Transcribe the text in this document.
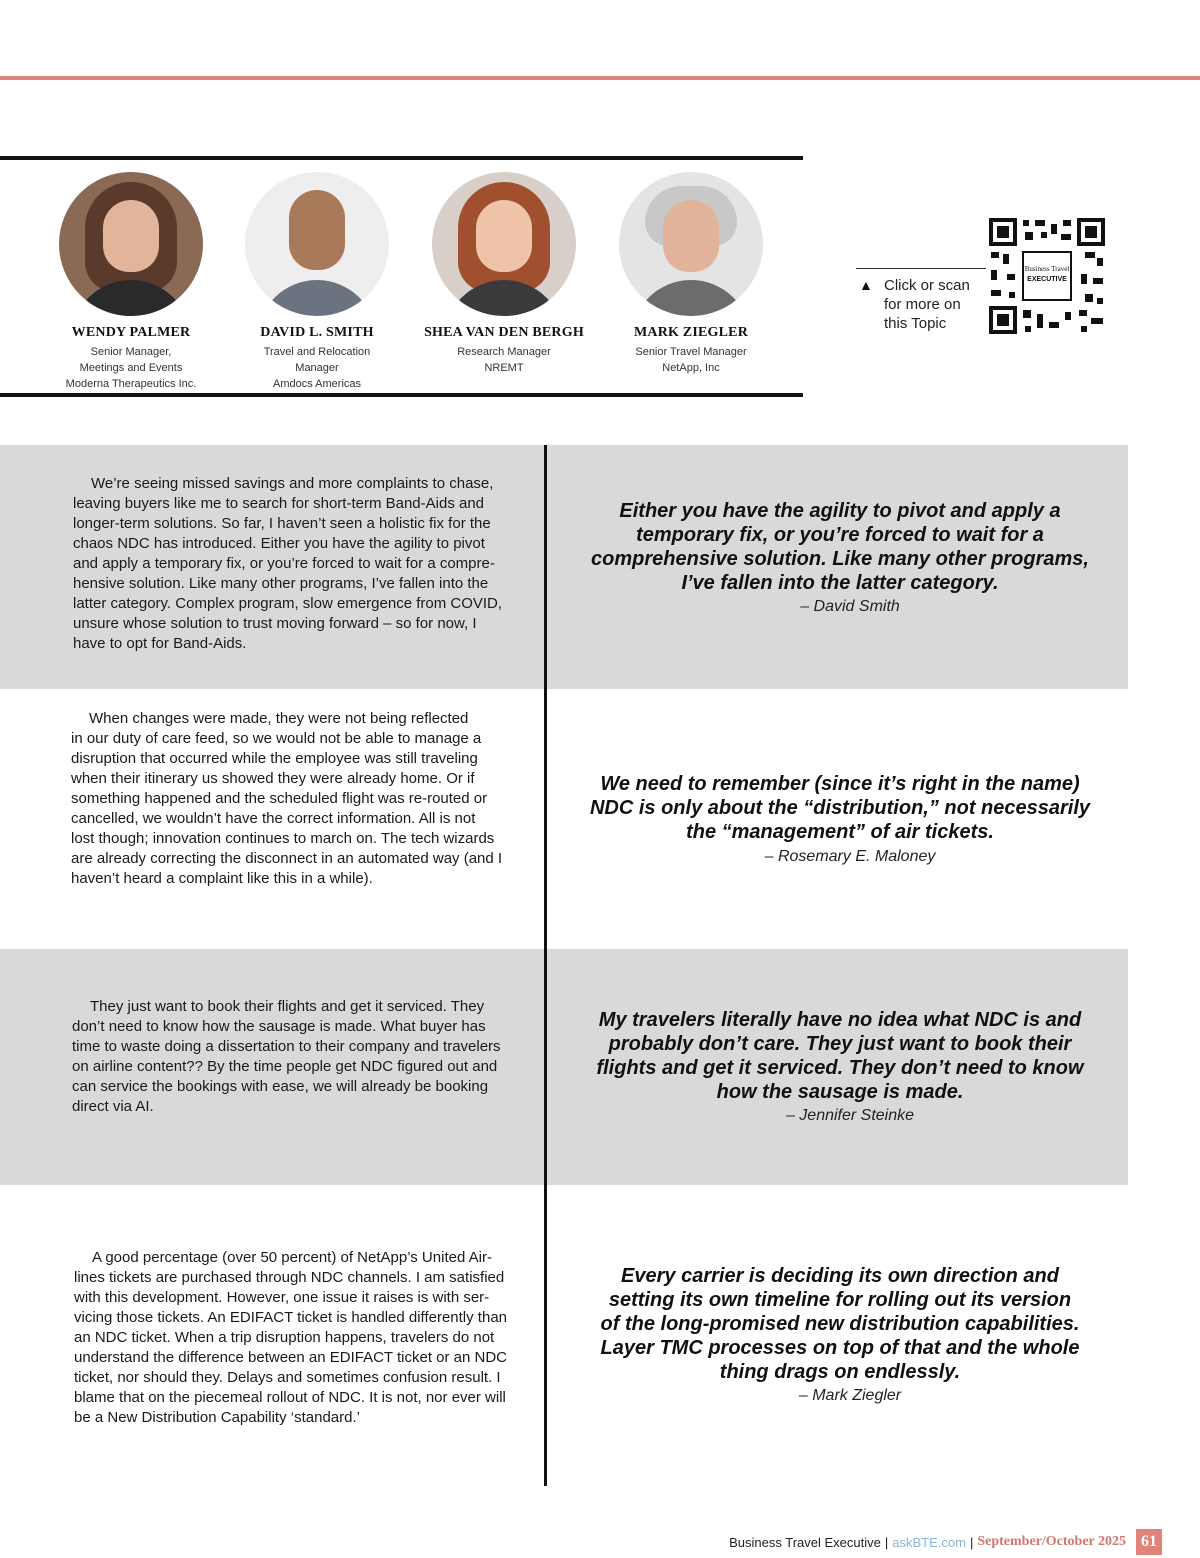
WENDY PALMER
Senior Manager,
Meetings and Events
Moderna Therapeutics Inc.
DAVID L. SMITH
Travel and Relocation
Manager
Amdocs Americas
SHEA VAN DEN BERGH
Research Manager
NREMT
MARK ZIEGLER
Senior Travel Manager
NetApp, Inc
▲ Click or scan
for more on
this Topic
Business Travel
EXECUTIVE
We’re seeing missed savings and more complaints to chase,
leaving buyers like me to search for short-term Band-Aids and
longer-term solutions. So far, I haven’t seen a holistic fix for the
chaos NDC has introduced. Either you have the agility to pivot
and apply a temporary fix, or you’re forced to wait for a compre-
hensive solution. Like many other programs, I’ve fallen into the
latter category. Complex program, slow emergence from COVID,
unsure whose solution to trust moving forward – so for now, I
have to opt for Band-Aids.
Either you have the agility to pivot and apply a
temporary fix, or you’re forced to wait for a
comprehensive solution. Like many other programs,
I’ve fallen into the latter category.
– David Smith
When changes were made, they were not being reflected
in our duty of care feed, so we would not be able to manage a
disruption that occurred while the employee was still traveling
when their itinerary us showed they were already home. Or if
something happened and the scheduled flight was re-routed or
cancelled, we wouldn’t have the correct information. All is not
lost though; innovation continues to march on. The tech wizards
are already correcting the disconnect in an automated way (and I
haven’t heard a complaint like this in a while).
We need to remember (since it’s right in the name)
NDC is only about the “distribution,” not necessarily
the “management” of air tickets.
– Rosemary E. Maloney
They just want to book their flights and get it serviced. They
don’t need to know how the sausage is made. What buyer has
time to waste doing a dissertation to their company and travelers
on airline content?? By the time people get NDC figured out and
can service the bookings with ease, we will already be booking
direct via AI.
My travelers literally have no idea what NDC is and
probably don’t care. They just want to book their
flights and get it serviced. They don’t need to know
how the sausage is made.
– Jennifer Steinke
A good percentage (over 50 percent) of NetApp’s United Air-
lines tickets are purchased through NDC channels. I am satisfied
with this development. However, one issue it raises is with ser-
vicing those tickets. An EDIFACT ticket is handled differently than
an NDC ticket. When a trip disruption happens, travelers do not
understand the difference between an EDIFACT ticket or an NDC
ticket, nor should they. Delays and sometimes confusion result. I
blame that on the piecemeal rollout of NDC. It is not, nor ever will
be a New Distribution Capability ‘standard.’
Every carrier is deciding its own direction and
setting its own timeline for rolling out its version
of the long-promised new distribution capabilities.
Layer TMC processes on top of that and the whole
thing drags on endlessly.
– Mark Ziegler
Business Travel Executive | askBTE.com | September/October 2025 61
